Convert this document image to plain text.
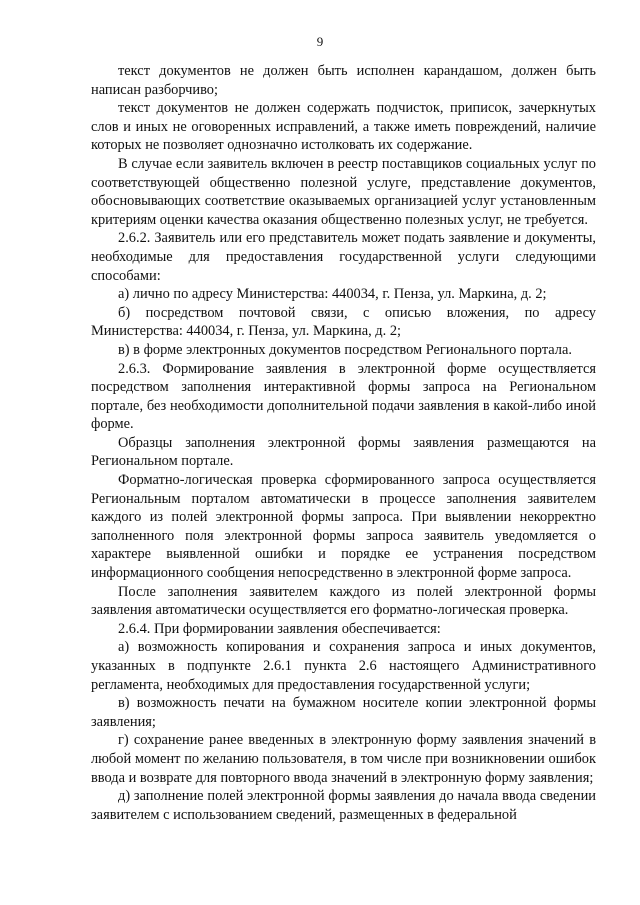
9

текст документов не должен быть исполнен карандашом, должен быть написан разборчиво;

текст документов не должен содержать подчисток, приписок, зачеркнутых слов и иных не оговоренных исправлений, а также иметь повреждений, наличие которых не позволяет однозначно истолковать их содержание.

В случае если заявитель включен в реестр поставщиков социальных услуг по соответствующей общественно полезной услуге, представление документов, обосновывающих соответствие оказываемых организацией услуг установленным критериям оценки качества оказания общественно полезных услуг, не требуется.

2.6.2. Заявитель или его представитель может подать заявление и документы, необходимые для предоставления государственной услуги следующими способами:

а) лично по адресу Министерства: 440034, г. Пенза, ул. Маркина, д. 2;

б) посредством почтовой связи, с описью вложения, по адресу Министерства: 440034, г. Пенза, ул. Маркина, д. 2;

в) в форме электронных документов посредством Регионального портала.

2.6.3. Формирование заявления в электронной форме осуществляется посредством заполнения интерактивной формы запроса на Региональном портале, без необходимости дополнительной подачи заявления в какой-либо иной форме.

Образцы заполнения электронной формы заявления размещаются на Региональном портале.

Форматно-логическая проверка сформированного запроса осуществляется Региональным порталом автоматически в процессе заполнения заявителем каждого из полей электронной формы запроса. При выявлении некорректно заполненного поля электронной формы запроса заявитель уведомляется о характере выявленной ошибки и порядке ее устранения посредством информационного сообщения непосредственно в электронной форме запроса.

После заполнения заявителем каждого из полей электронной формы заявления автоматически осуществляется его форматно-логическая проверка.

2.6.4. При формировании заявления обеспечивается:

а) возможность копирования и сохранения запроса и иных документов, указанных в подпункте 2.6.1 пункта 2.6 настоящего Административного регламента, необходимых для предоставления государственной услуги;

в) возможность печати на бумажном носителе копии электронной формы заявления;

г) сохранение ранее введенных в электронную форму заявления значений в любой момент по желанию пользователя, в том числе при возникновении ошибок ввода и возврате для повторного ввода значений в электронную форму заявления;

д) заполнение полей электронной формы заявления до начала ввода сведении заявителем с использованием сведений, размещенных в федеральной
